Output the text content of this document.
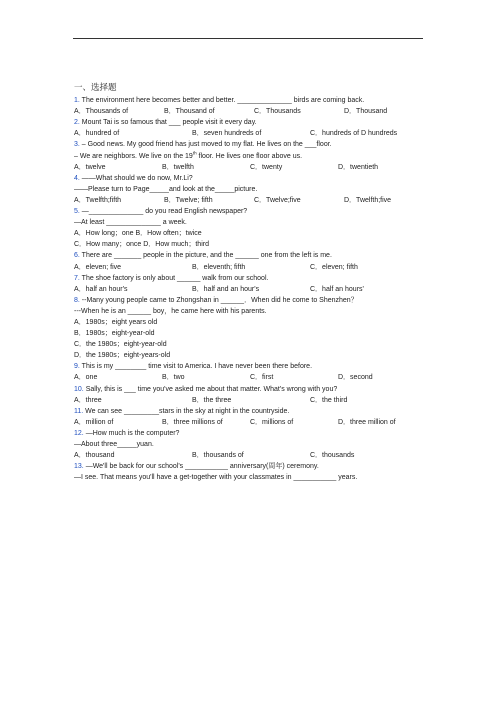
一、选择题
1. The environment here becomes better and better. ______________ birds are coming back.
A．Thousands of	B．Thousand of	C．Thousands	D．Thousand
2. Mount Tai is so famous that ___ people visit it every day.
A．hundred of	B．seven hundreds of	C．hundreds of D hundreds
3. – Good news. My good friend has just moved to my flat. He lives on the ___floor.
– We are neighbors. We live on the 19th floor. He lives one floor above us.
A．twelve	B．twelfth	C．twenty	D．twentieth
4. ——What should we do now, Mr.Li?
——Please turn to Page_____and look at the_____picture.
A．Twelfth;fifth	B．Twelve; fifth	C．Twelve;five	D．Twelfth;five
5. —______________ do you read English newspaper?
—At least ______________ a week.
A．How long；one B．How often；twice
C．How many；once D．How much；third
6. There are _______ people in the picture, and the ______ one from the left is me.
A．eleven; five	B．eleventh; fifth	C．eleven; fifth
7. The shoe factory is only about ______ walk from our school.
A．half an hour's	B．half and an hour's	C．half an hours'
8. --Many young people came to Zhongshan in ______．When did he come to Shenzhen？
---When he is an ______ boy，he came here with his parents.
A．1980s；eight years old
B．1980s；eight-year-old
C．the 1980s；eight-year-old
D．the 1980s；eight-years-old
9. This is my ________ time visit to America. I have never been there before.
A．one	B．two	C．first	D．second
10. Sally, this is ___ time you've asked me about that matter. What's wrong with you?
A．three	B．the three	C．the third
11. We can see _________stars in the sky at night in the countryside.
A．million of	B．three millions of	C．millions of	D．three million of
12. —How much is the computer?
—About three_____yuan.
A．thousand	B．thousands of	C．thousands
13. —We'll be back for our school's ___________ anniversary(周年) ceremony.
—I see. That means you'll have a get-together with your classmates in ___________ years.
